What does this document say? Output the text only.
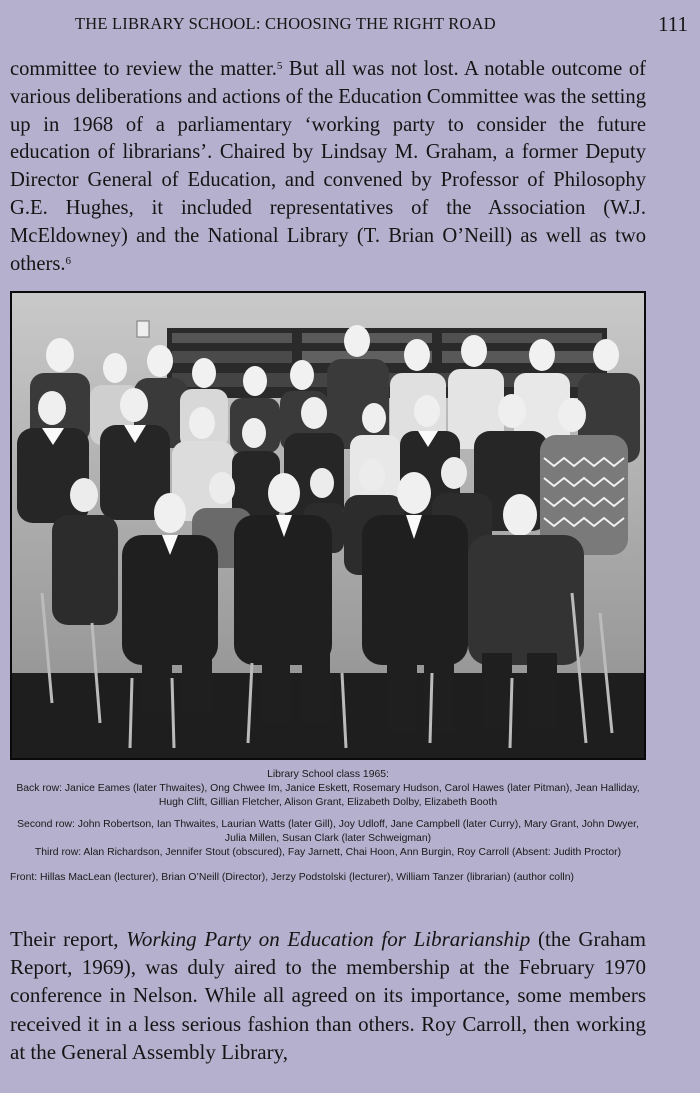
THE LIBRARY SCHOOL: CHOOSING THE RIGHT ROAD	111
committee to review the matter.$^5$ But all was not lost. A notable outcome of various deliberations and actions of the Education Committee was the setting up in 1968 of a parliamentary ‘working party to consider the future education of librarians’. Chaired by Lindsay M. Graham, a former Deputy Director General of Education, and convened by Professor of Philosophy G.E. Hughes, it included representatives of the Association (W.J. McEldowney) and the National Library (T. Brian O’Neill) as well as two others.$^6$

Library School class 1965:

Back row: Janice Eames (later Thwaites), Ong Chwee Im, Janice Eskett, Rosemary Hudson, Carol Hawes (later Pitman), Jean Halliday, Hugh Clift, Gillian Fletcher, Alison Grant, Elizabeth Dolby, Elizabeth Booth

Second row: John Robertson, Ian Thwaites, Laurian Watts (later Gill), Joy Udloff, Jane Campbell (later Curry), Mary Grant, John Dwyer, Julia Millen, Susan Clark (later Schweigman)

Third row: Alan Richardson, Jennifer Stout (obscured), Fay Jarnett, Chai Hoon, Ann Burgin, Roy Carroll (Absent: Judith Proctor)

Front: Hillas MacLean (lecturer), Brian O’Neill (Director), Jerzy Podstolski (lecturer), William Tanzer (librarian) (author colln)

Their report, Working Party on Education for Librarianship (the Graham Report, 1969), was duly aired to the membership at the February 1970 conference in Nelson. While all agreed on its importance, some members received it in a less serious fashion than others. Roy Carroll, then working at the General Assembly Library,
